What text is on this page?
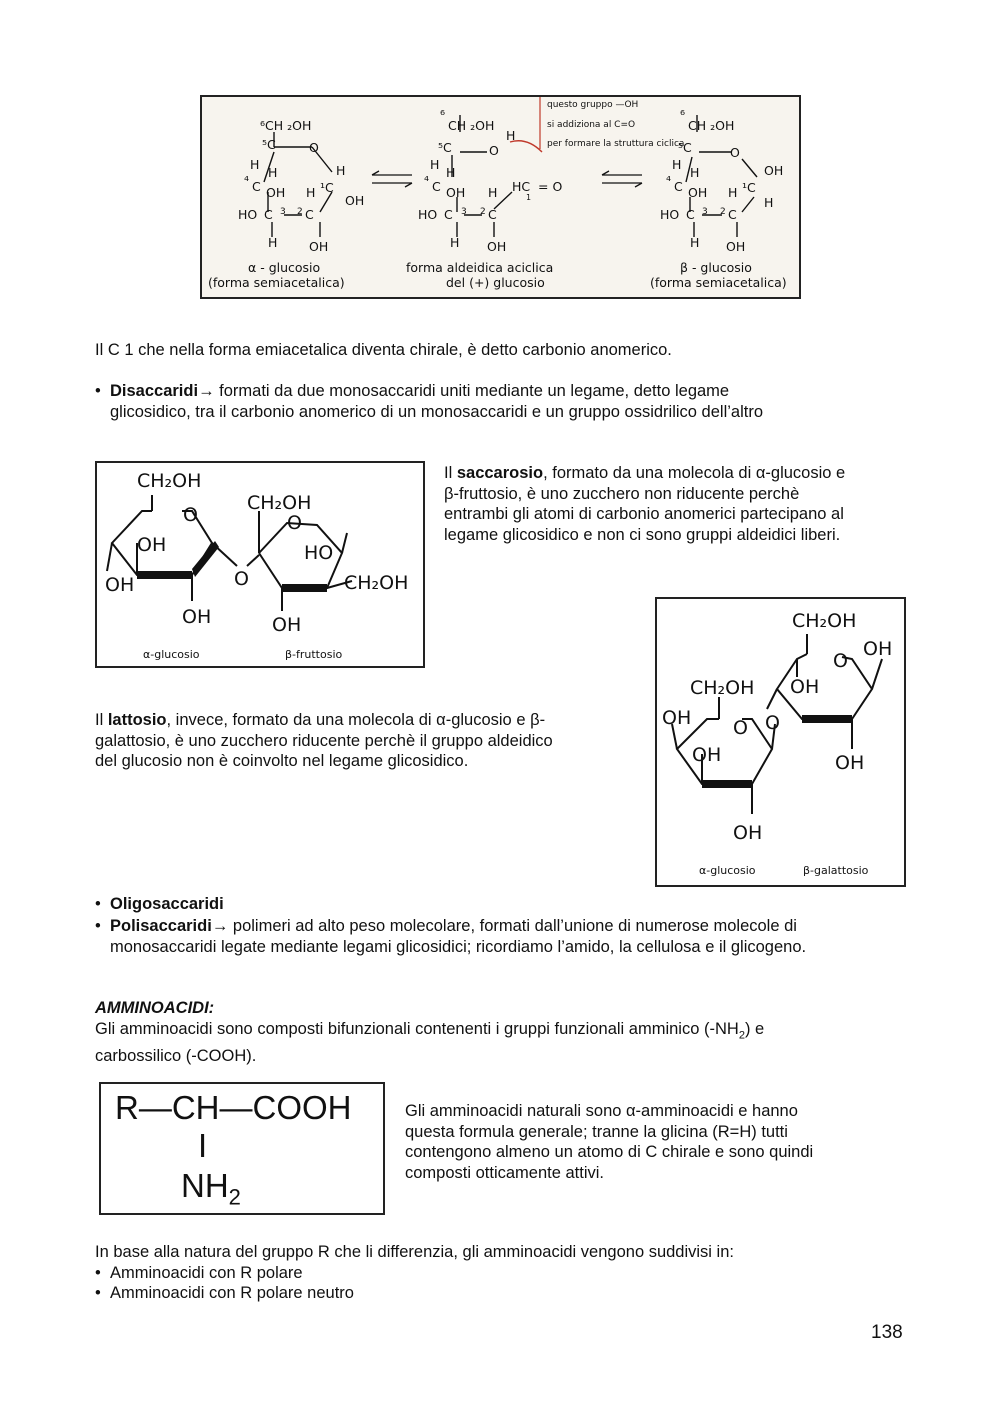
⁶CH ₂OH
⁵C	O
H
H
⁴ C
H
¹C
OH H
OH
HO C 3 2 C
H	OH
α - glucosio
(forma semiacetalica)
⁶
CH ₂OH
⁵C	O
H
H
H
⁴ C OH H HC = O
1
HO C 3 2 C
H OH
forma aldeidica aciclica
del (+) glucosio
questo gruppo —OH
si addiziona al C=O
per formare la struttura ciclica
⁶
CH ₂OH
⁵C	O
H
H
⁴ C
OH
¹C
OH H
H
HO C 3 2 C
H OH
β - glucosio
(forma semiacetalica)
Il C 1 che nella forma emiacetalica diventa chirale, è detto carbonio anomerico.
• Disaccaridi→ formati da due monosaccaridi uniti mediante un legame, detto legame
glicosidico, tra il carbonio anomerico di un monosaccaridi e un gruppo ossidrilico dell’altro
CH₂OH
O
OH
OH
OH
O
CH₂OH
O
HO
CH₂OH
OH
α-glucosio	β-fruttosio
Il saccarosio, formato da una molecola di α-glucosio e
β-fruttosio, è uno zucchero non riducente perchè
entrambi gli atomi di carbonio anomerici partecipano al
legame glicosidico e non ci sono gruppi aldeidici liberi.
CH₂OH
O
OH
OH
OH
O
CH₂OH
OH O
OH
OH
α-glucosio	β-galattosio
Il lattosio, invece, formato da una molecola di α-glucosio e β-
galattosio, è uno zucchero riducente perchè il gruppo aldeidico
del glucosio non è coinvolto nel legame glicosidico.
• Oligosaccaridi
• Polisaccaridi→ polimeri ad alto peso molecolare, formati dall’unione di numerose molecole di
monosaccaridi legate mediante legami glicosidici; ricordiamo l’amido, la cellulosa e il glicogeno.
AMMINOACIDI:
Gli amminoacidi sono composti bifunzionali contenenti i gruppi funzionali amminico $(-NH_2)$ e
carbossilico (-COOH).
R—CH—COOH
I
$NH_2$
Gli amminoacidi naturali sono α-amminoacidi e hanno
questa formula generale; tranne la glicina (R=H) tutti
contengono almeno un atomo di C chirale e sono quindi
composti otticamente attivi.
In base alla natura del gruppo R che li differenzia, gli amminoacidi vengono suddivisi in:
• Amminoacidi con R polare
• Amminoacidi con R polare neutro
138
